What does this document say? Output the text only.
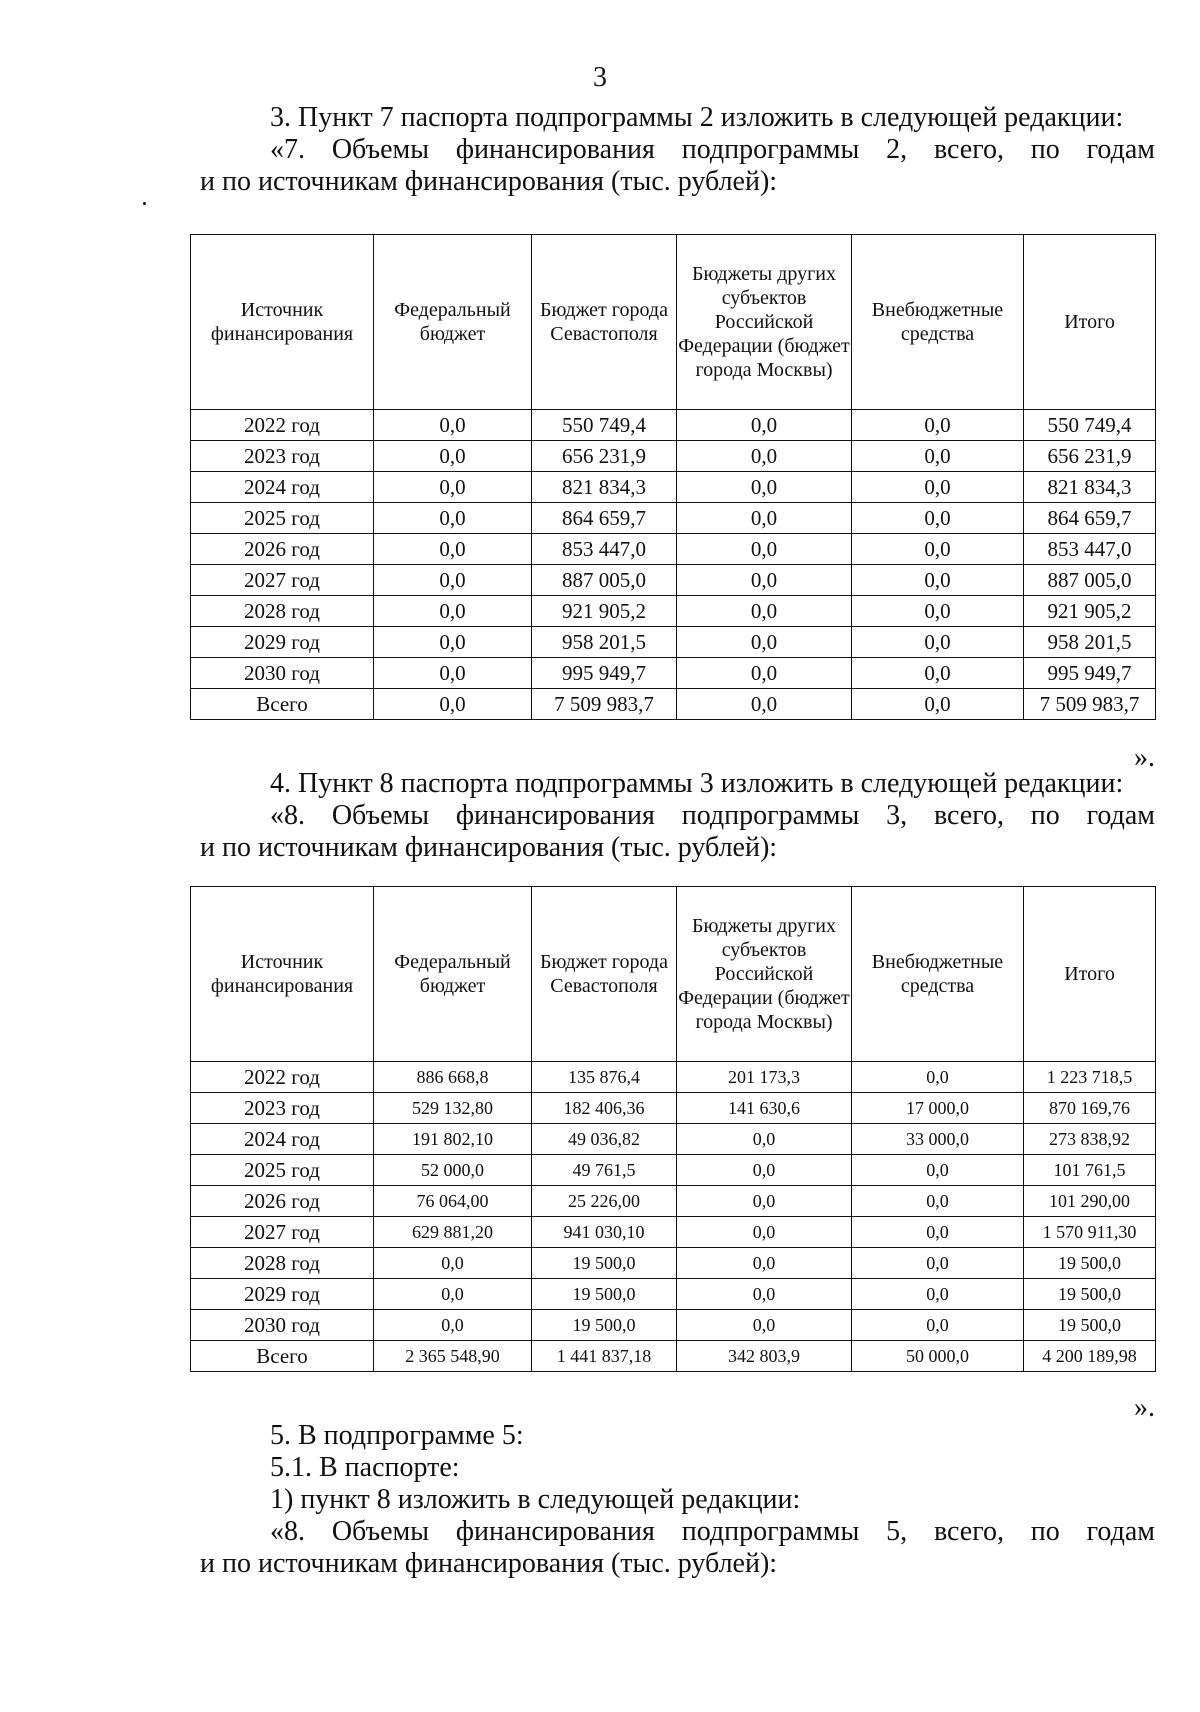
3
3. Пункт 7 паспорта подпрограммы 2 изложить в следующей редакции:
«7. Объемы финансирования подпрограммы 2, всего, по годам
и по источникам финансирования (тыс. рублей):
Источник финансирования	Федеральный бюджет	Бюджет города Севастополя	Бюджеты других субъектов Российской Федерации (бюджет города Москвы)	Внебюджетные средства	Итого
2022 год	0,0	550 749,4	0,0	0,0	550 749,4
2023 год	0,0	656 231,9	0,0	0,0	656 231,9
2024 год	0,0	821 834,3	0,0	0,0	821 834,3
2025 год	0,0	864 659,7	0,0	0,0	864 659,7
2026 год	0,0	853 447,0	0,0	0,0	853 447,0
2027 год	0,0	887 005,0	0,0	0,0	887 005,0
2028 год	0,0	921 905,2	0,0	0,0	921 905,2
2029 год	0,0	958 201,5	0,0	0,0	958 201,5
2030 год	0,0	995 949,7	0,0	0,0	995 949,7
Всего	0,0	7 509 983,7	0,0	0,0	7 509 983,7
».
4. Пункт 8 паспорта подпрограммы 3 изложить в следующей редакции:
«8. Объемы финансирования подпрограммы 3, всего, по годам
и по источникам финансирования (тыс. рублей):
Источник финансирования	Федеральный бюджет	Бюджет города Севастополя	Бюджеты других субъектов Российской Федерации (бюджет города Москвы)	Внебюджетные средства	Итого
2022 год	886 668,8	135 876,4	201 173,3	0,0	1 223 718,5
2023 год	529 132,80	182 406,36	141 630,6	17 000,0	870 169,76
2024 год	191 802,10	49 036,82	0,0	33 000,0	273 838,92
2025 год	52 000,0	49 761,5	0,0	0,0	101 761,5
2026 год	76 064,00	25 226,00	0,0	0,0	101 290,00
2027 год	629 881,20	941 030,10	0,0	0,0	1 570 911,30
2028 год	0,0	19 500,0	0,0	0,0	19 500,0
2029 год	0,0	19 500,0	0,0	0,0	19 500,0
2030 год	0,0	19 500,0	0,0	0,0	19 500,0
Всего	2 365 548,90	1 441 837,18	342 803,9	50 000,0	4 200 189,98
».
5. В подпрограмме 5:
5.1. В паспорте:
1) пункт 8 изложить в следующей редакции:
«8. Объемы финансирования подпрограммы 5, всего, по годам
и по источникам финансирования (тыс. рублей):
